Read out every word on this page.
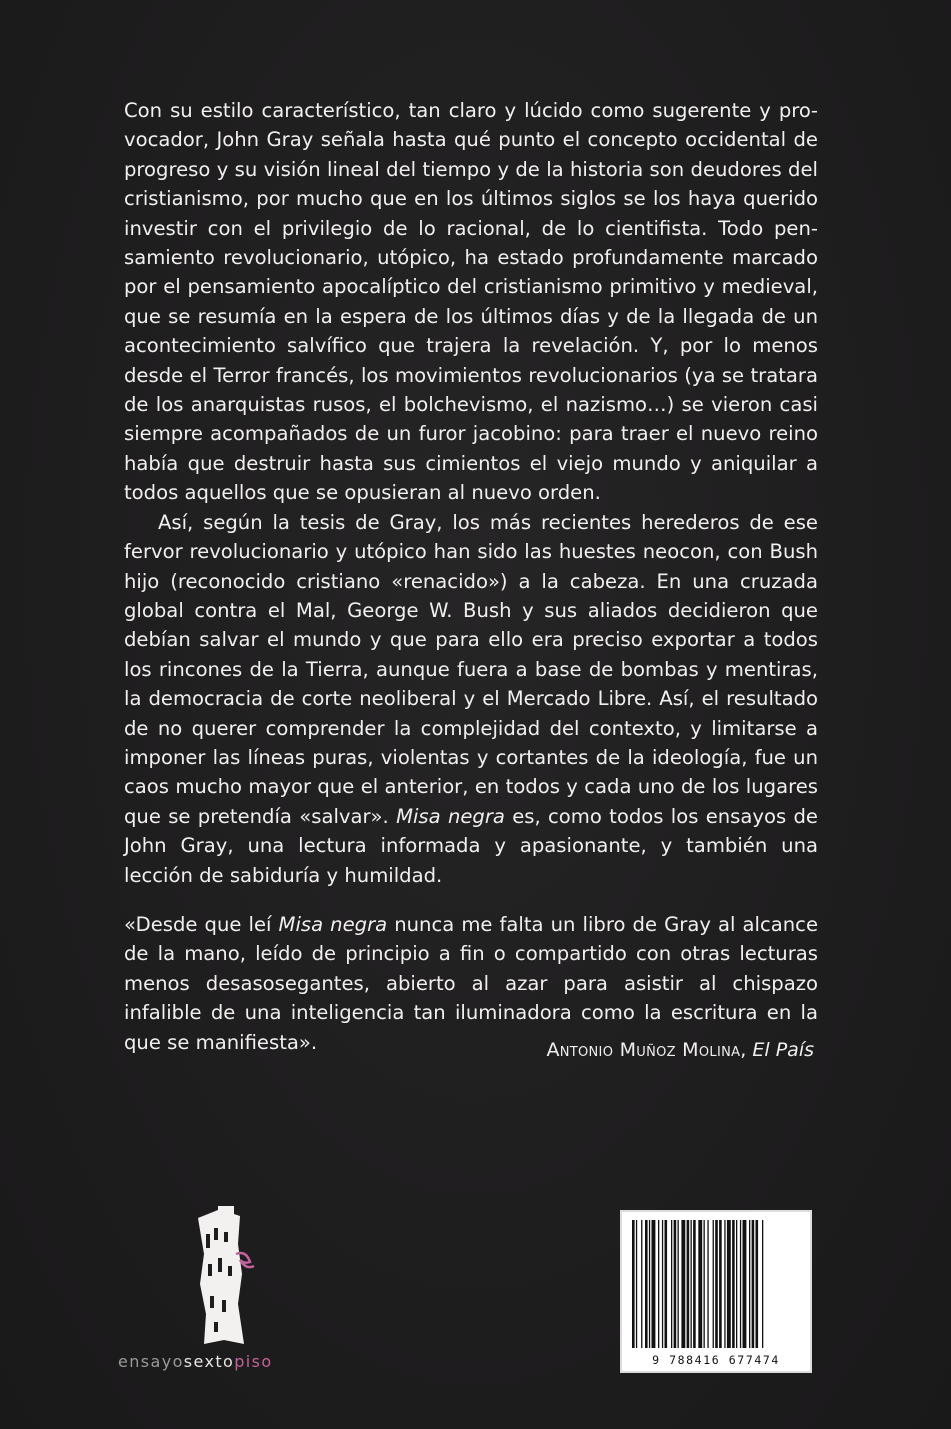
Con su estilo característico, tan claro y lúcido como sugerente y provocador, John Gray señala hasta qué punto el concepto occidental de progreso y su visión lineal del tiempo y de la historia son deudores del cristianismo, por mucho que en los últimos siglos se los haya querido investir con el privilegio de lo racional, de lo cientifista. Todo pensamiento revolucionario, utópico, ha estado profundamente marcado por el pensamiento apocalíptico del cristianismo primitivo y medieval, que se resumía en la espera de los últimos días y de la llegada de un acontecimiento salvífico que trajera la revelación. Y, por lo menos desde el Terror francés, los movimientos revolucionarios (ya se tratara de los anarquistas rusos, el bolchevismo, el nazismo…) se vieron casi siempre acompañados de un furor jacobino: para traer el nuevo reino había que destruir hasta sus cimientos el viejo mundo y aniquilar a todos aquellos que se opusieran al nuevo orden.

Así, según la tesis de Gray, los más recientes herederos de ese fervor revolucionario y utópico han sido las huestes neocon, con Bush hijo (reconocido cristiano «renacido») a la cabeza. En una cruzada global contra el Mal, George W. Bush y sus aliados decidieron que debían salvar el mundo y que para ello era preciso exportar a todos los rincones de la Tierra, aunque fuera a base de bombas y mentiras, la democracia de corte neoliberal y el Mercado Libre. Así, el resultado de no querer comprender la complejidad del contexto, y limitarse a imponer las líneas puras, violentas y cortantes de la ideología, fue un caos mucho mayor que el anterior, en todos y cada uno de los lugares que se pretendía «salvar». Misa negra es, como todos los ensayos de John Gray, una lectura informada y apasionante, y también una lección de sabiduría y humildad.

«Desde que leí Misa negra nunca me falta un libro de Gray al alcance de la mano, leído de principio a fin o compartido con otras lecturas menos desasosegantes, abierto al azar para asistir al chispazo infalible de una inteligencia tan iluminadora como la escritura en la que se manifiesta».	Antonio Muñoz Molina, El País
ensayosextopiso	9 788416 677474
